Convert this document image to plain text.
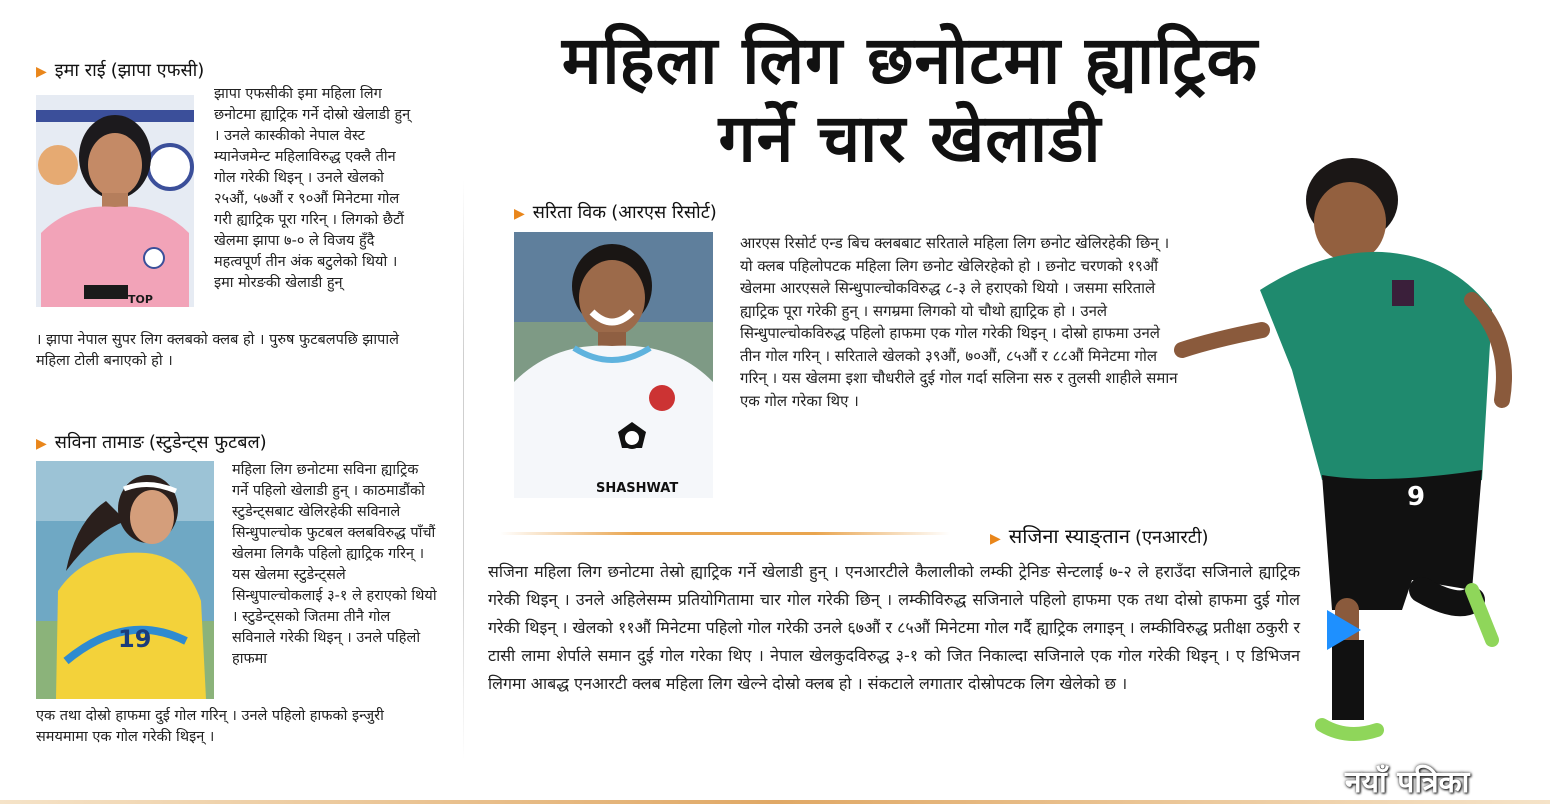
महिला लिग छनोटमा ह्याट्रिक
गर्ने चार खेलाडी
▶ इमा राई (झापा एफसी)
TOP

झापा एफसीकी इमा महिला लिग छनोटमा ह्याट्रिक गर्ने दोस्रो खेलाडी हुन् । उनले कास्कीको नेपाल वेस्ट म्यानेजमेन्ट महिलाविरुद्ध एक्लै तीन गोल गरेकी थिइन् । उनले खेलको २५औं, ५७औं र ९०औं मिनेटमा गोल गरी ह्याट्रिक पूरा गरिन् । लिगको छैटौं खेलमा झापा ७-० ले विजय हुँदै महत्वपूर्ण तीन अंक बटुलेको थियो । इमा मोरङकी खेलाडी हुन्

। झापा नेपाल सुपर लिग क्लबको क्लब हो । पुरुष फुटबलपछि झापाले महिला टोली बनाएको हो ।

▶ सविना तामाङ (स्टुडेन्ट्स फुटबल)
19

महिला लिग छनोटमा सविना ह्याट्रिक गर्ने पहिलो खेलाडी हुन् । काठमाडौंको स्टुडेन्ट्सबाट खेलिरहेकी सविनाले सिन्धुपाल्चोक फुटबल क्लबविरुद्ध पाँचौं खेलमा लिगकै पहिलो ह्याट्रिक गरिन् । यस खेलमा स्टुडेन्ट्सले सिन्धुपाल्चोकलाई ३-१ ले हराएको थियो । स्टुडेन्ट्सको जितमा तीनै गोल सविनाले गरेकी थिइन् । उनले पहिलो हाफमा

एक तथा दोस्रो हाफमा दुई गोल गरिन् । उनले पहिलो हाफको इन्जुरी समयमामा एक गोल गरेकी थिइन् ।

▶ सरिता विक (आरएस रिसोर्ट)
SHASHWAT

आरएस रिसोर्ट एन्ड बिच क्लबबाट सरिताले महिला लिग छनोट खेलिरहेकी छिन् । यो क्लब पहिलोपटक महिला लिग छनोट खेलिरहेको हो । छनोट चरणको १९औं खेलमा आरएसले सिन्धुपाल्चोकविरुद्ध ८-३ ले हराएको थियो । जसमा सरिताले ह्याट्रिक पूरा गरेकी हुन् । सगम्रमा लिगको यो चौथो ह्याट्रिक हो । उनले सिन्धुपाल्चोकविरुद्ध पहिलो हाफमा एक गोल गरेकी थिइन् । दोस्रो हाफमा उनले तीन गोल गरिन् । सरिताले खेलको ३९औं, ७०औं, ८५औं र ८८औं मिनेटमा गोल गरिन् । यस खेलमा इशा चौधरीले दुई गोल गर्दा सलिना सरु र तुलसी शाहीले समान एक गोल गरेका थिए ।

▶ सजिना स्याङ्तान (एनआरटी)

सजिना महिला लिग छनोटमा तेस्रो ह्याट्रिक गर्ने खेलाडी हुन् । एनआरटीले कैलालीको लम्की ट्रेनिङ सेन्टलाई ७-२ ले हराउँदा सजिनाले ह्याट्रिक गरेकी थिइन् । उनले अहिलेसम्म प्रतियोगितामा चार गोल गरेकी छिन् । लम्कीविरुद्ध सजिनाले पहिलो हाफमा एक तथा दोस्रो हाफमा दुई गोल गरेकी थिइन् । खेलको ११औं मिनेटमा पहिलो गोल गरेकी उनले ६७औं र ८५औं मिनेटमा गोल गर्दै ह्याट्रिक लगाइन् । लम्कीविरुद्ध प्रतीक्षा ठकुरी र टासी लामा शेर्पाले समान दुई गोल गरेका थिए । नेपाल खेलकुदविरुद्ध ३-१ को जित निकाल्दा सजिनाले एक गोल गरेकी थिइन् । ए डिभिजन लिगमा आबद्ध एनआरटी क्लब महिला लिग खेल्ने दोस्रो क्लब हो । संकटाले लगातार दोस्रोपटक लिग खेलेको छ ।

9
नयाँ पत्रिका
